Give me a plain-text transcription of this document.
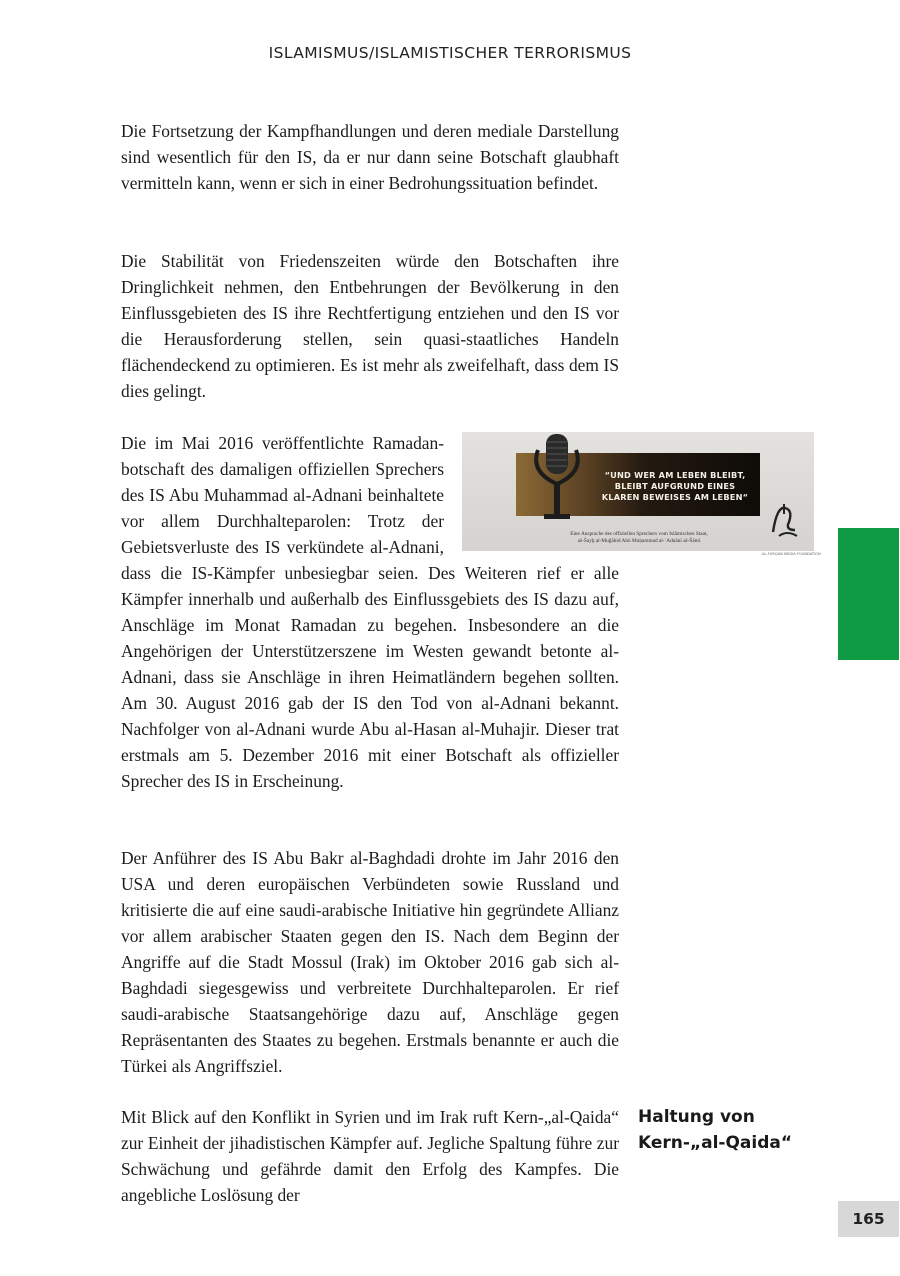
ISLAMISMUS/ISLAMISTISCHER TERRORISMUS

Die Fortsetzung der Kampfhandlungen und deren mediale Darstellung sind wesentlich für den IS, da er nur dann seine Botschaft glaubhaft vermitteln kann, wenn er sich in einer Bedrohungssituation befindet.

Die Stabilität von Friedenszeiten würde den Botschaften ihre Dringlichkeit nehmen, den Entbehrungen der Bevölkerung in den Einflussgebieten des IS ihre Rechtfertigung entziehen und den IS vor die Herausforderung stellen, sein quasi-staatliches Handeln flächendeckend zu optimieren. Es ist mehr als zweifelhaft, dass dem IS dies gelingt.

“UND WER AM LEBEN BLEIBT,
BLEIBT AUFGRUND EINES
KLAREN BEWEISES AM LEBEN“
Eine Ansprache des offiziellen Sprechers vom Islāmischen Staat,
aš-Šayḫ al-Muǧāhid Abū Muḥammad al-ʿAdnānī aš-Šāmī
AL-FURQAN MEDIA FOUNDATION

Die im Mai 2016 veröffentlichte Ramadanbotschaft des damaligen offiziellen Sprechers des IS Abu Muhammad al-Adnani beinhaltete vor allem Durchhalteparolen: Trotz der Gebietsverluste des IS verkündete al-Adnani, dass die IS-Kämpfer unbesiegbar seien. Des Weiteren rief er alle Kämpfer innerhalb und außerhalb des Einflussgebiets des IS dazu auf, Anschläge im Monat Ramadan zu begehen. Insbesondere an die Angehörigen der Unterstützerszene im Westen gewandt betonte al-Adnani, dass sie Anschläge in ihren Heimatländern begehen sollten. Am 30. August 2016 gab der IS den Tod von al-Adnani bekannt. Nachfolger von al-Adnani wurde Abu al-Hasan al-Muhajir. Dieser trat erstmals am 5. Dezember 2016 mit einer Botschaft als offizieller Sprecher des IS in Erscheinung.

Der Anführer des IS Abu Bakr al-Baghdadi drohte im Jahr 2016 den USA und deren europäischen Verbündeten sowie Russland und kritisierte die auf eine saudi-arabische Initiative hin gegründete Allianz vor allem arabischer Staaten gegen den IS. Nach dem Beginn der Angriffe auf die Stadt Mossul (Irak) im Oktober 2016 gab sich al-Baghdadi siegesgewiss und verbreitete Durchhalteparolen. Er rief saudi-arabische Staatsangehörige dazu auf, Anschläge gegen Repräsentanten des Staates zu begehen. Erstmals benannte er auch die Türkei als Angriffsziel.

Mit Blick auf den Konflikt in Syrien und im Irak ruft Kern-„al-Qaida“ zur Einheit der jihadistischen Kämpfer auf. Jegliche Spaltung führe zur Schwächung und gefährde damit den Erfolg des Kampfes. Die angebliche Loslösung der

Haltung von
Kern-„al-Qaida“
165
